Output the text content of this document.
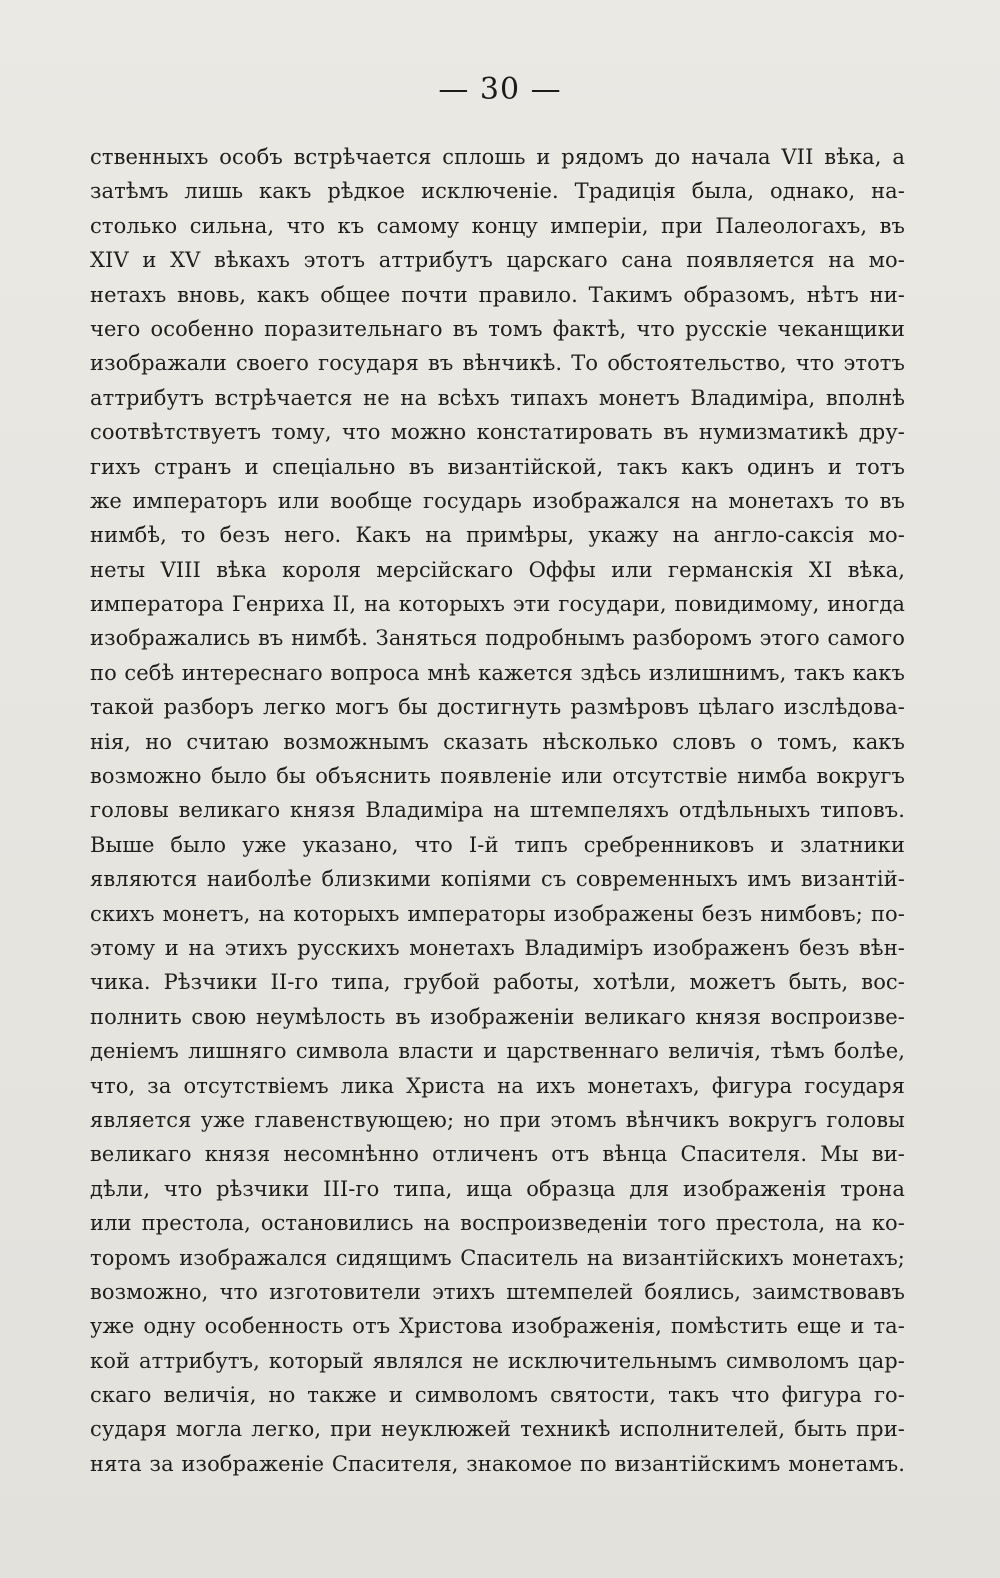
— 30 —
ственныхъ особъ встрѣчается сплошь и рядомъ до начала VII вѣка, а
затѣмъ лишь какъ рѣдкое исключеніе. Традиція была, однако, на-
столько сильна, что къ самому концу имперіи, при Палеологахъ, въ
XIV и XV вѣкахъ этотъ аттрибутъ царскаго сана появляется на мо-
нетахъ вновь, какъ общее почти правило. Такимъ образомъ, нѣтъ ни-
чего особенно поразительнаго въ томъ фактѣ, что русскіе чеканщики
изображали своего государя въ вѣнчикѣ. То обстоятельство, что этотъ
аттрибутъ встрѣчается не на всѣхъ типахъ монетъ Владиміра, вполнѣ
соотвѣтствуетъ тому, что можно констатировать въ нумизматикѣ дру-
гихъ странъ и спеціально въ византійской, такъ какъ одинъ и тотъ
же императоръ или вообще государь изображался на монетахъ то въ
нимбѣ, то безъ него. Какъ на примѣры, укажу на англо-саксія мо-
неты VIII вѣка короля мерсійскаго Оффы или германскія XI вѣка,
императора Генриха II, на которыхъ эти государи, повидимому, иногда
изображались въ нимбѣ. Заняться подробнымъ разборомъ этого самого
по себѣ интереснаго вопроса мнѣ кажется здѣсь излишнимъ, такъ какъ
такой разборъ легко могъ бы достигнуть размѣровъ цѣлаго изслѣдова-
нія, но считаю возможнымъ сказать нѣсколько словъ о томъ, какъ
возможно было бы объяснить появленіе или отсутствіе нимба вокругъ
головы великаго князя Владиміра на штемпеляхъ отдѣльныхъ типовъ.
Выше было уже указано, что I-й типъ сребренниковъ и златники
являются наиболѣе близкими копіями съ современныхъ имъ византій-
скихъ монетъ, на которыхъ императоры изображены безъ нимбовъ; по-
этому и на этихъ русскихъ монетахъ Владиміръ изображенъ безъ вѣн-
чика. Рѣзчики II-го типа, грубой работы, хотѣли, можетъ быть, вос-
полнить свою неумѣлость въ изображеніи великаго князя воспроизве-
деніемъ лишняго символа власти и царственнаго величія, тѣмъ болѣе,
что, за отсутствіемъ лика Христа на ихъ монетахъ, фигура государя
является уже главенствующею; но при этомъ вѣнчикъ вокругъ головы
великаго князя несомнѣнно отличенъ отъ вѣнца Спасителя. Мы ви-
дѣли, что рѣзчики III-го типа, ища образца для изображенія трона
или престола, остановились на воспроизведеніи того престола, на ко-
торомъ изображался сидящимъ Спаситель на византійскихъ монетахъ;
возможно, что изготовители этихъ штемпелей боялись, заимствовавъ
уже одну особенность отъ Христова изображенія, помѣстить еще и та-
кой аттрибутъ, который являлся не исключительнымъ символомъ цар-
скаго величія, но также и символомъ святости, такъ что фигура го-
сударя могла легко, при неуклюжей техникѣ исполнителей, быть при-
нята за изображеніе Спасителя, знакомое по византійскимъ монетамъ.
